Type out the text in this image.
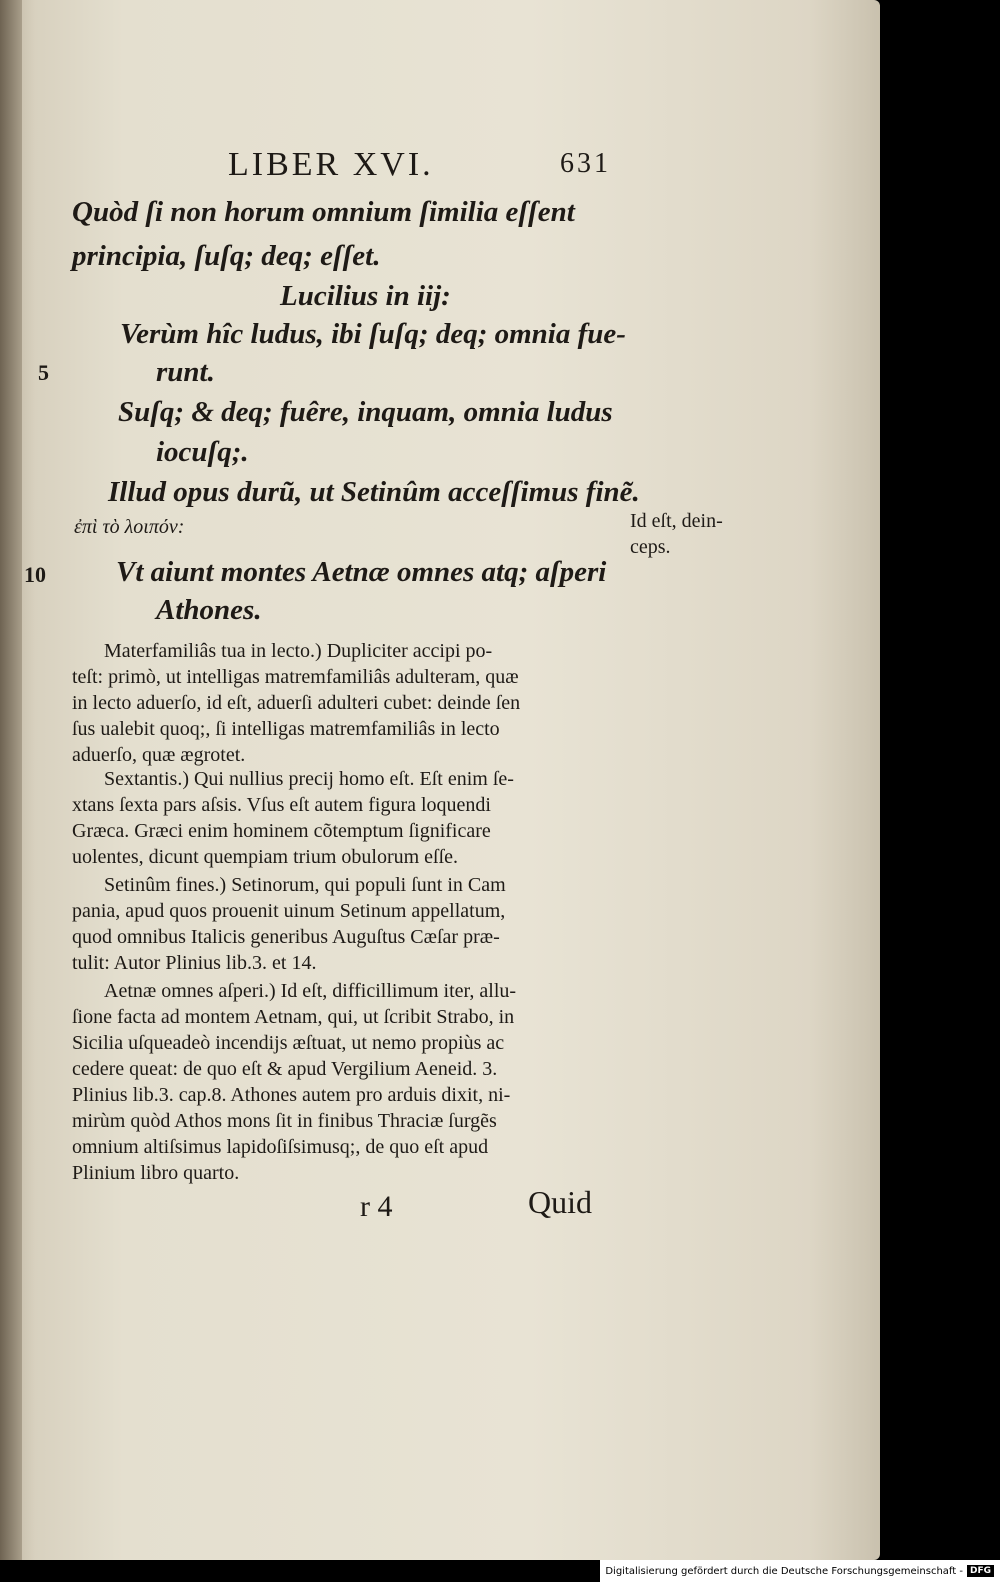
LIBER XVI.	631
Quòd ſi non horum omnium ſimilia eſſent
principia, ſuſq; deq; eſſet.
Lucilius in iij:
Verùm hîc ludus, ibi ſuſq; deq; omnia fue-
5	runt.
Suſq; & deq; fuêre, inquam, omnia ludus
iocuſq;.
Illud opus durũ, ut Setinûm acceſſimus finẽ.
ἐπὶ τὸ λοιπόν:	Id eſt, dein-
ceps.
10 Vt aiunt montes Aetnæ omnes atq; aſperi
Athones.
Materfamiliâs tua in lecto.) Dupliciter accipi po-
teſt: primò, ut intelligas matremfamiliâs adulteram, quæ
in lecto aduerſo, id eſt, aduerſi adulteri cubet: deinde ſen
ſus ualebit quoq;, ſi intelligas matremfamiliâs in lecto
aduerſo, quæ ægrotet.
Sextantis.) Qui nullius precij homo eſt. Eſt enim ſe-
xtans ſexta pars aſsis. Vſus eſt autem figura loquendi
Græca. Græci enim hominem cõtemptum ſignificare
uolentes, dicunt quempiam trium obulorum eſſe.
Setinûm fines.) Setinorum, qui populi ſunt in Cam
pania, apud quos prouenit uinum Setinum appellatum,
quod omnibus Italicis generibus Auguſtus Cæſar præ-
tulit: Autor Plinius lib.3. et 14.
Aetnæ omnes aſperi.) Id eſt, difficillimum iter, allu-
ſione facta ad montem Aetnam, qui, ut ſcribit Strabo, in
Sicilia uſqueadeò incendijs æſtuat, ut nemo propiùs ac
cedere queat: de quo eſt & apud Vergilium Aeneid. 3.
Plinius lib.3. cap.8. Athones autem pro arduis dixit, ni-
mirùm quòd Athos mons ſit in finibus Thraciæ ſurgẽs
omnium altiſsimus lapidoſiſsimusq;, de quo eſt apud
Plinium libro quarto.
r 4	Quid
Digitalisierung gefördert durch die Deutsche Forschungsgemeinschaft - DFG
